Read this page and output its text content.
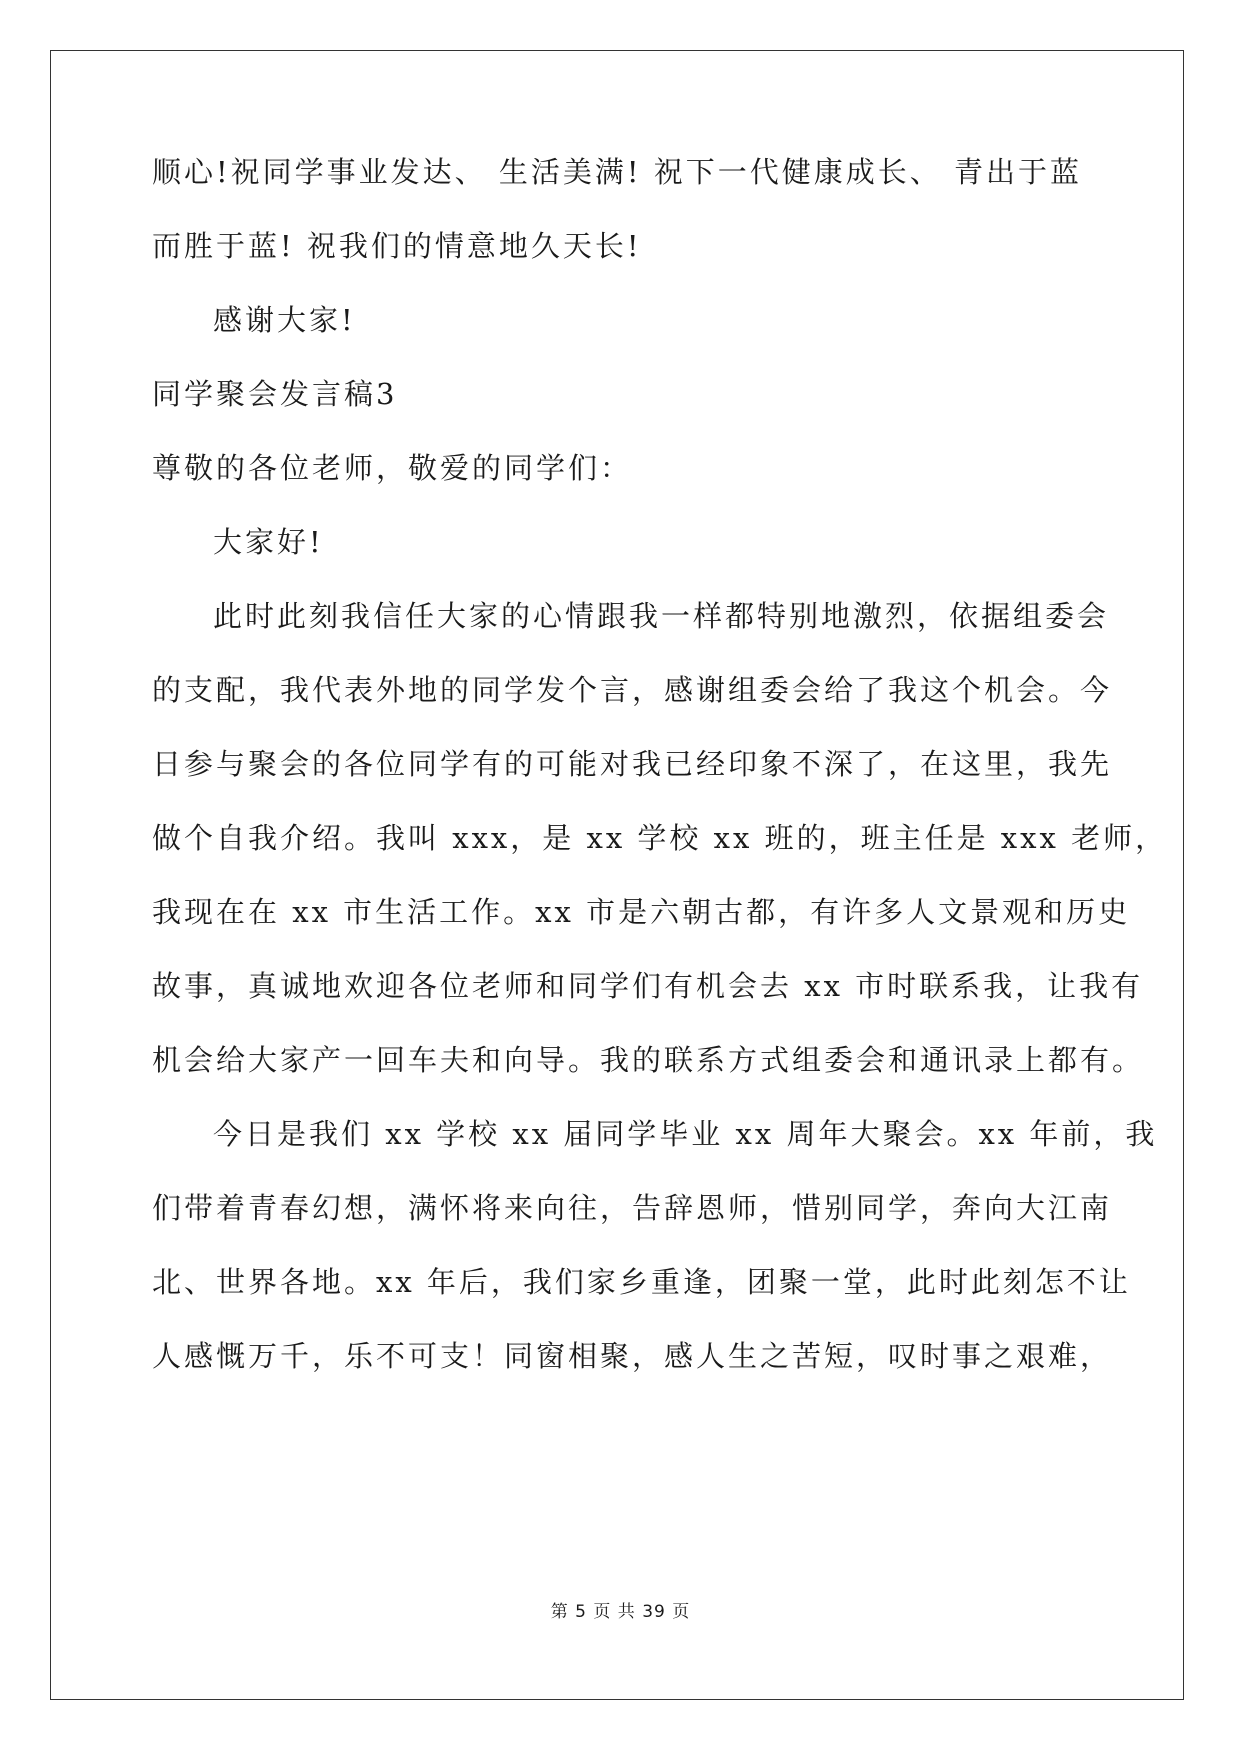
顺心!祝同学事业发达、 生活美满! 祝下一代健康成长、 青出于蓝
而胜于蓝! 祝我们的情意地久天长!
感谢大家!
同学聚会发言稿3
尊敬的各位老师，敬爱的同学们：
大家好!
此时此刻我信任大家的心情跟我一样都特别地激烈，依据组委会
的支配，我代表外地的同学发个言，感谢组委会给了我这个机会。今
日参与聚会的各位同学有的可能对我已经印象不深了，在这里，我先
做个自我介绍。我叫 xxx，是 xx 学校 xx 班的，班主任是 xxx 老师，
我现在在 xx 市生活工作。xx 市是六朝古都，有许多人文景观和历史
故事，真诚地欢迎各位老师和同学们有机会去 xx 市时联系我，让我有
机会给大家产一回车夫和向导。我的联系方式组委会和通讯录上都有。
今日是我们 xx 学校 xx 届同学毕业 xx 周年大聚会。xx 年前，我
们带着青春幻想，满怀将来向往，告辞恩师，惜别同学，奔向大江南
北、世界各地。xx 年后，我们家乡重逢，团聚一堂，此时此刻怎不让
人感慨万千，乐不可支！同窗相聚，感人生之苦短，叹时事之艰难，
第 5 页 共 39 页
